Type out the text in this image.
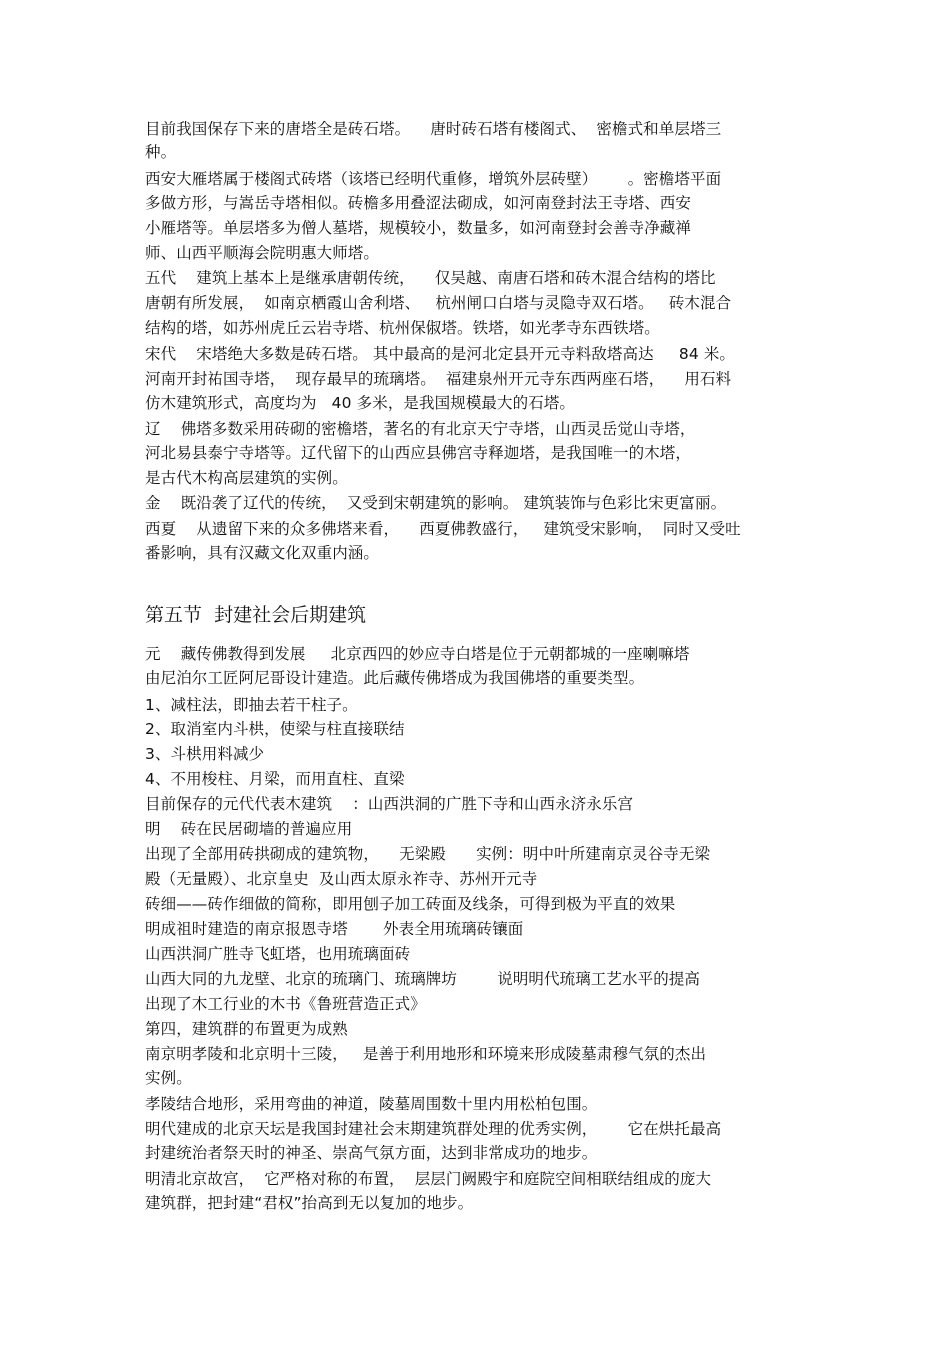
目前我国保存下来的唐塔全是砖石塔。    唐时砖石塔有楼阁式、  密檐式和单层塔三
种。
西安大雁塔属于楼阁式砖塔（该塔已经明代重修，增筑外层砖壁）      。密檐塔平面
多做方形，与嵩岳寺塔相似。砖檐多用叠涩法砌成，如河南登封法王寺塔、西安
小雁塔等。单层塔多为僧人墓塔，规模较小，数量多，如河南登封会善寺净藏禅
师、山西平顺海会院明惠大师塔。
五代    建筑上基本上是继承唐朝传统，    仅吴越、南唐石塔和砖木混合结构的塔比
唐朝有所发展，  如南京栖霞山舍利塔、   杭州闸口白塔与灵隐寺双石塔。   砖木混合
结构的塔，如苏州虎丘云岩寺塔、杭州保俶塔。铁塔，如光孝寺东西铁塔。
宋代    宋塔绝大多数是砖石塔。 其中最高的是河北定县开元寺料敌塔高达     84 米。
河南开封祐国寺塔，  现存最早的琉璃塔。  福建泉州开元寺东西两座石塔，    用石料
仿木建筑形式，高度均为   40 多米，是我国规模最大的石塔。
辽    佛塔多数采用砖砌的密檐塔，著名的有北京天宁寺塔，山西灵岳觉山寺塔，
河北易县泰宁寺塔等。辽代留下的山西应县佛宫寺释迦塔，是我国唯一的木塔，
是古代木构高层建筑的实例。
金    既沿袭了辽代的传统，  又受到宋朝建筑的影响。 建筑装饰与色彩比宋更富丽。
西夏    从遗留下来的众多佛塔来看，    西夏佛教盛行，   建筑受宋影响，  同时又受吐
番影响，具有汉藏文化双重内涵。
第五节  封建社会后期建筑
元    藏传佛教得到发展     北京西四的妙应寺白塔是位于元朝都城的一座喇嘛塔
由尼泊尔工匠阿尼哥设计建造。此后藏传佛塔成为我国佛塔的重要类型。
1、减柱法，即抽去若干柱子。
2、取消室内斗栱，使梁与柱直接联结
3、斗栱用料减少
4、不用梭柱、月梁，而用直柱、直梁
目前保存的元代代表木建筑    ：山西洪洞的广胜下寺和山西永济永乐宫
明    砖在民居砌墙的普遍应用
出现了全部用砖拱砌成的建筑物，    无梁殿      实例：明中叶所建南京灵谷寺无梁
殿（无量殿）、北京皇史  及山西太原永祚寺、苏州开元寺
砖细——砖作细做的简称，即用刨子加工砖面及线条，可得到极为平直的效果
明成祖时建造的南京报恩寺塔       外表全用琉璃砖镶面
山西洪洞广胜寺飞虹塔，也用琉璃面砖
山西大同的九龙壁、北京的琉璃门、琉璃牌坊        说明明代琉璃工艺水平的提高
出现了木工行业的木书《鲁班营造正式》
第四，建筑群的布置更为成熟
南京明孝陵和北京明十三陵，   是善于利用地形和环境来形成陵墓肃穆气氛的杰出
实例。
孝陵结合地形，采用弯曲的神道，陵墓周围数十里内用松柏包围。
明代建成的北京天坛是我国封建社会末期建筑群处理的优秀实例，      它在烘托最高
封建统治者祭天时的神圣、崇高气氛方面，达到非常成功的地步。
明清北京故宫，  它严格对称的布置，  层层门阙殿宇和庭院空间相联结组成的庞大
建筑群，把封建“君权”抬高到无以复加的地步。
